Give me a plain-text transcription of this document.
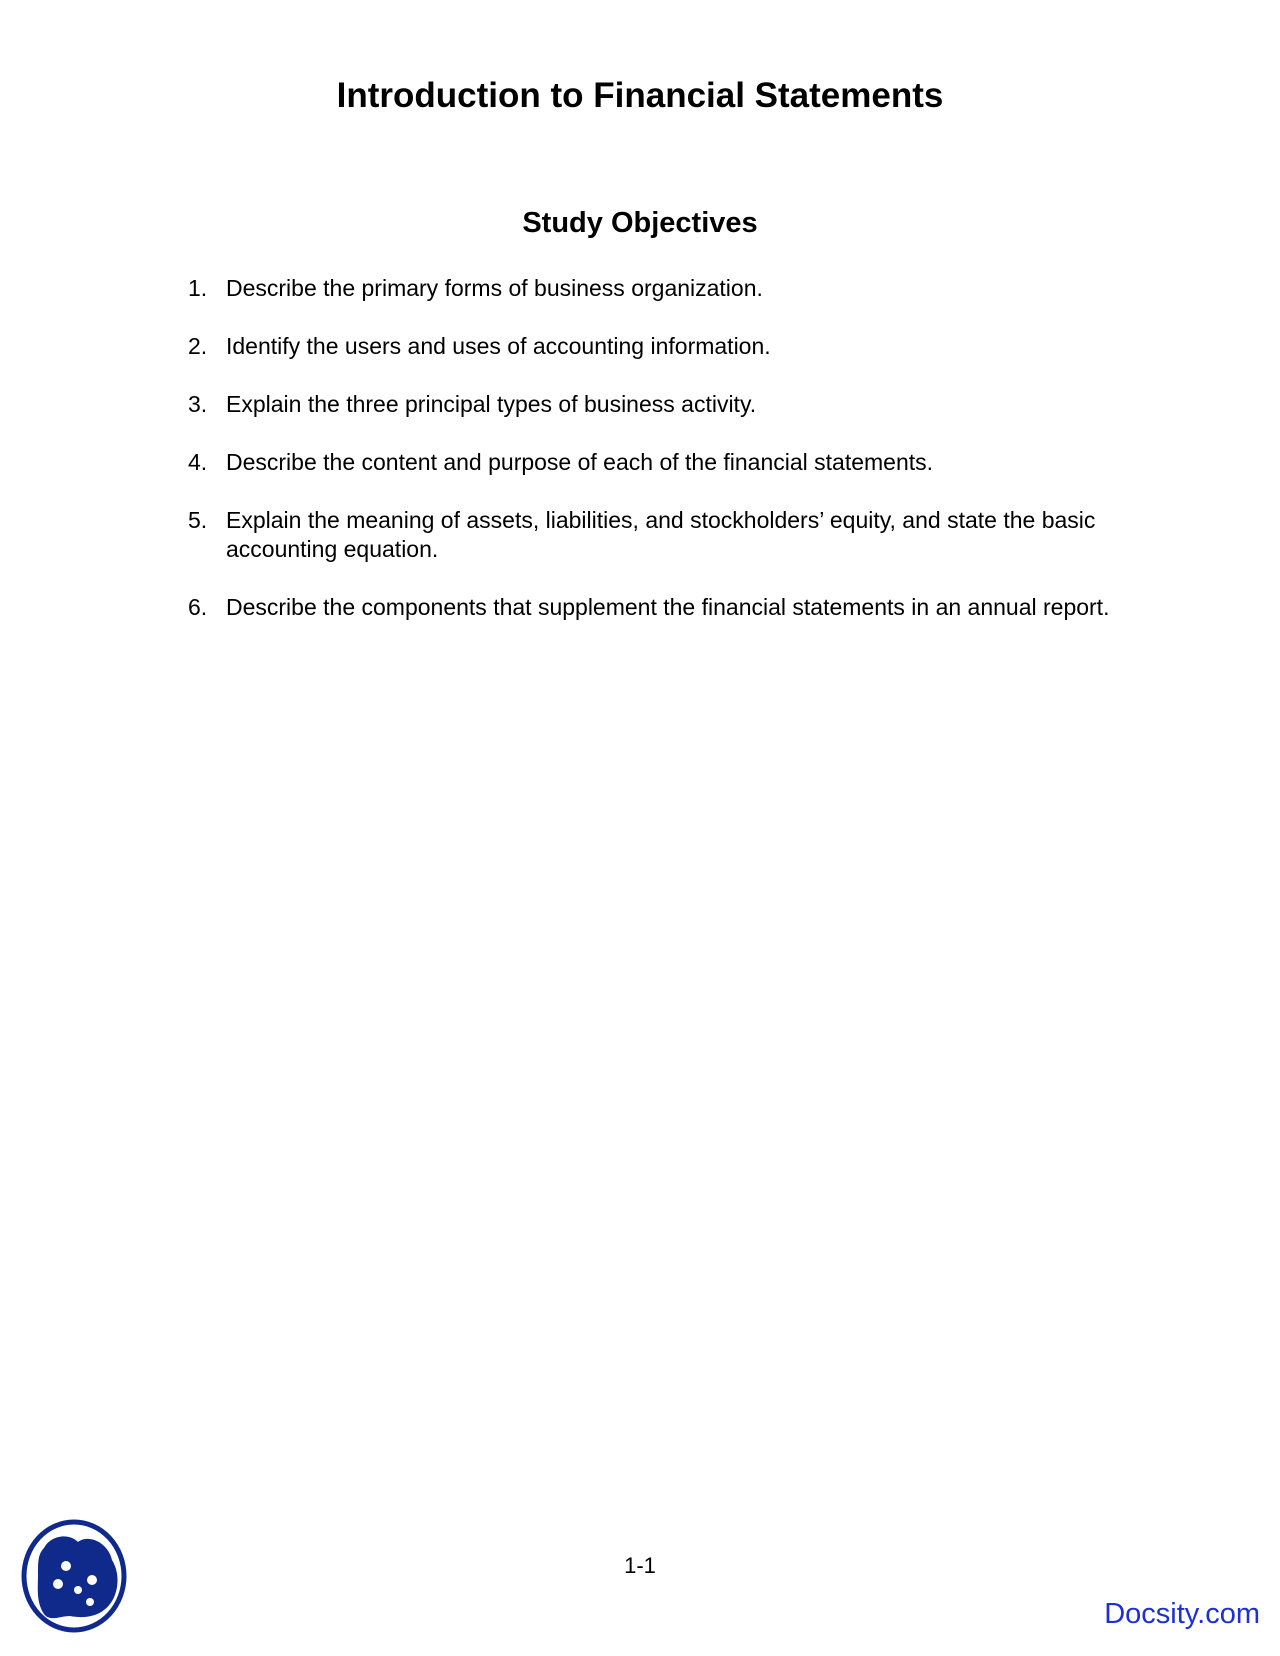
Introduction to Financial Statements
Study Objectives
1. Describe the primary forms of business organization.
2. Identify the users and uses of accounting information.
3. Explain the three principal types of business activity.
4. Describe the content and purpose of each of the financial statements.
5. Explain the meaning of assets, liabilities, and stockholders’ equity, and state the basic accounting equation.
6. Describe the components that supplement the financial statements in an annual report.
1-1
Docsity.com
